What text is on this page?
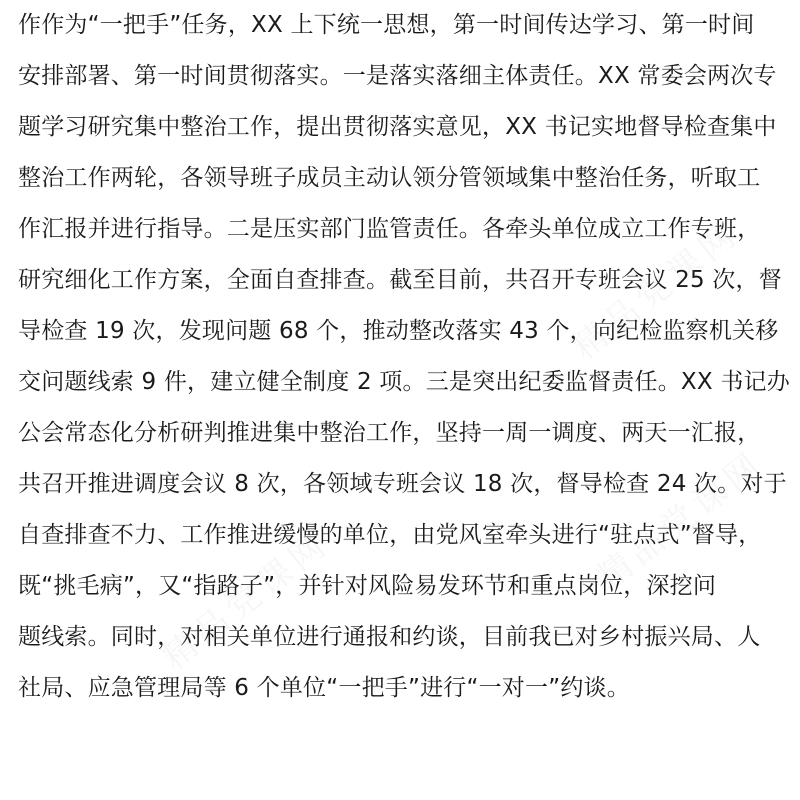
作作为“一把手”任务，XX 上下统一思想，第一时间传达学习、第一时间
安排部署、第一时间贯彻落实。一是落实落细主体责任。XX 常委会两次专
题学习研究集中整治工作，提出贯彻落实意见，XX 书记实地督导检查集中
整治工作两轮，各领导班子成员主动认领分管领域集中整治任务，听取工
作汇报并进行指导。二是压实部门监管责任。各牵头单位成立工作专班，
研究细化工作方案，全面自查排查。截至目前，共召开专班会议 25 次，督
导检查 19 次，发现问题 68 个，推动整改落实 43 个，向纪检监察机关移
交问题线索 9 件，建立健全制度 2 项。三是突出纪委监督责任。XX 书记办
公会常态化分析研判推进集中整治工作，坚持一周一调度、两天一汇报，
共召开推进调度会议 8 次，各领域专班会议 18 次，督导检查 24 次。对于
自查排查不力、工作推进缓慢的单位，由党风室牵头进行“驻点式”督导，
既“挑毛病”，又“指路子”，并针对风险易发环节和重点岗位，深挖问
题线索。同时，对相关单位进行通报和约谈，目前我已对乡村振兴局、人
社局、应急管理局等 6 个单位“一把手”进行“一对一”约谈。
精品党课网
精品党课网
精品党课网
